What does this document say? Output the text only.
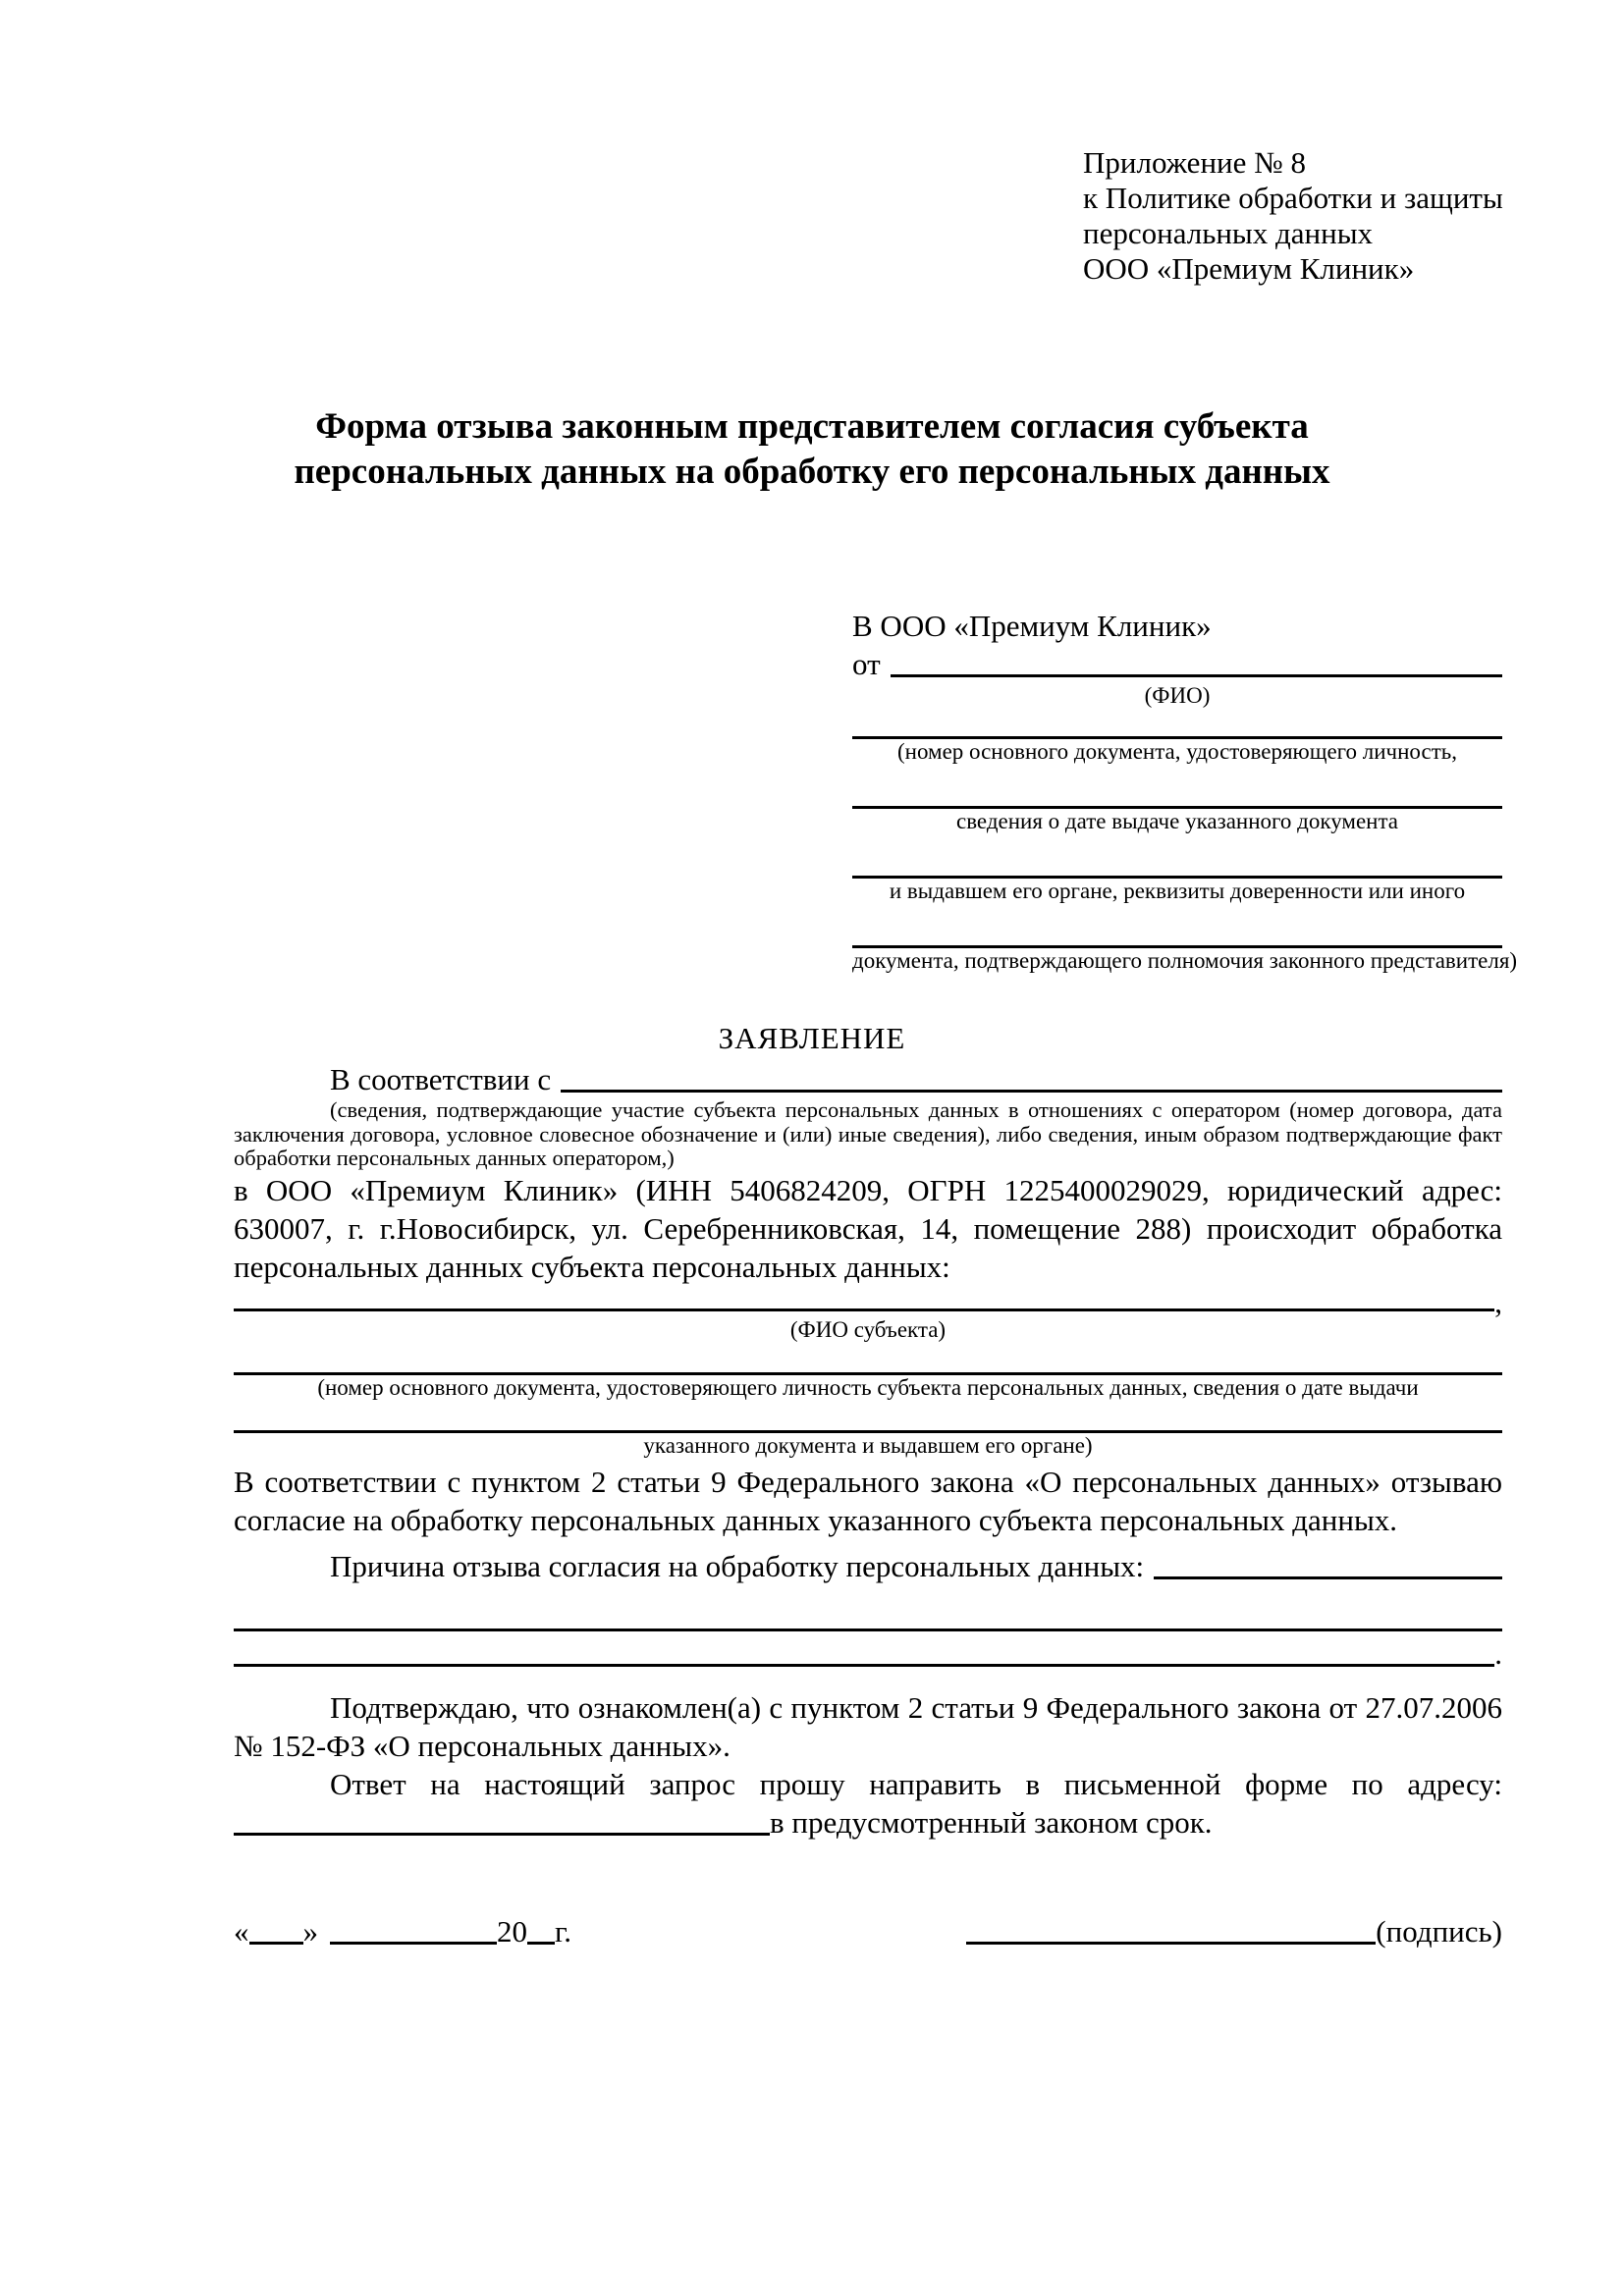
Приложение № 8
к Политике обработки и защиты
персональных данных
ООО «Премиум Клиник»
Форма отзыва законным представителем согласия субъекта персональных данных на обработку его персональных данных
В ООО «Премиум Клиник»
от
(ФИО)
(номер основного документа, удостоверяющего личность,
сведения о дате выдаче указанного документа
и выдавшем его органе, реквизиты доверенности или иного
документа, подтверждающего полномочия законного представителя)
ЗАЯВЛЕНИЕ
В соответствии с

(сведения, подтверждающие участие субъекта персональных данных в отношениях с оператором (номер договора, дата заключения договора, условное словесное обозначение и (или) иные сведения), либо сведения, иным образом подтверждающие факт обработки персональных данных оператором,)

в ООО «Премиум Клиник» (ИНН 5406824209, ОГРН 1225400029029, юридический адрес: 630007, г. г.Новосибирск, ул. Серебренниковская, 14, помещение 288) происходит обработка персональных данных субъекта персональных данных:

,
(ФИО субъекта)
(номер основного документа, удостоверяющего личность субъекта персональных данных, сведения о дате выдачи
указанного документа и выдавшем его органе)

В соответствии с пунктом 2 статьи 9 Федерального закона «О персональных данных» отзываю согласие на обработку персональных данных указанного субъекта персональных данных.

Причина отзыва согласия на обработку персональных данных:
.

Подтверждаю, что ознакомлен(а) с пунктом 2 статьи 9 Федерального закона от 27.07.2006 № 152-ФЗ «О персональных данных».

Ответ на настоящий запрос прошу направить в письменной форме по адресу:

в предусмотренный законом срок.
« »	20 г.	(подпись)
